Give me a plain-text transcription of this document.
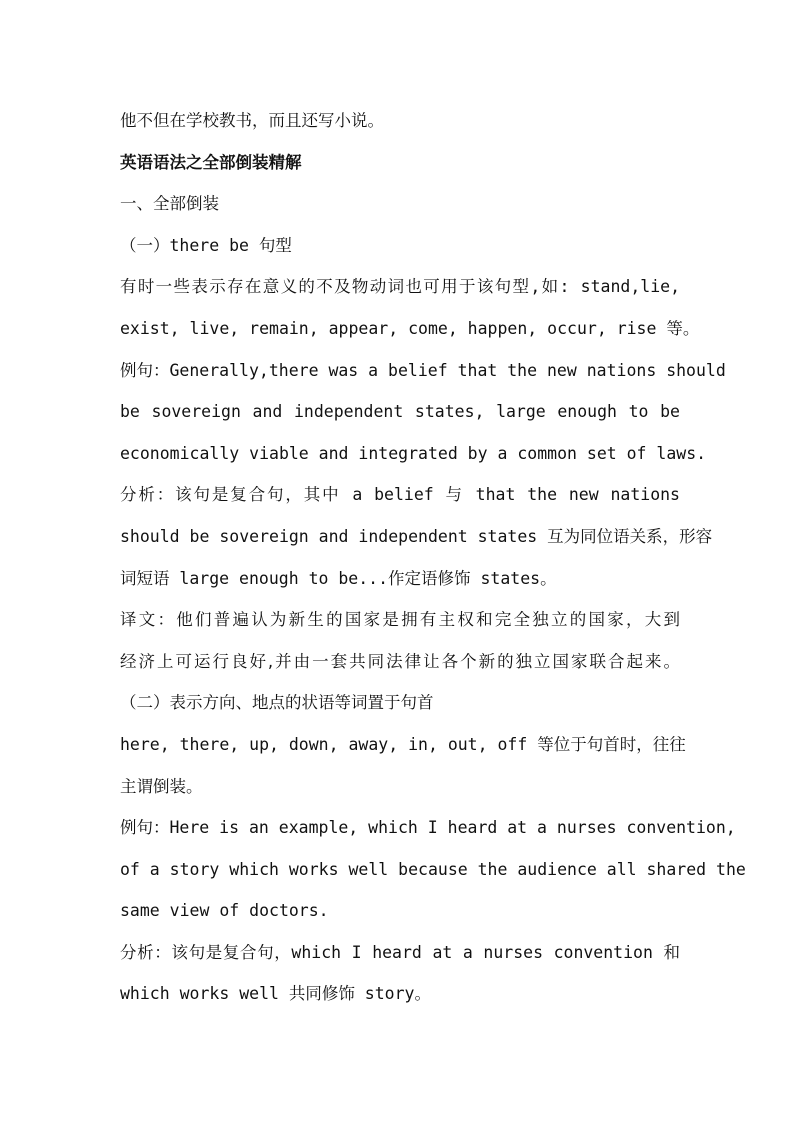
他不但在学校教书，而且还写小说。
英语语法之全部倒装精解
一、全部倒装
（一）there be 句型
有时一些表示存在意义的不及物动词也可用于该句型,如: stand,lie,
exist, live, remain, appear, come, happen, occur, rise 等。
例句：Generally,there was a belief that the new nations should
be sovereign and independent states, large enough to be
economically viable and integrated by a common set of laws.
分析：该句是复合句，其中 a belief 与 that the new nations
should be sovereign and independent states 互为同位语关系，形容
词短语 large enough to be...作定语修饰 states。
译文：他们普遍认为新生的国家是拥有主权和完全独立的国家，大到
经济上可运行良好,并由一套共同法律让各个新的独立国家联合起来。
（二）表示方向、地点的状语等词置于句首
here, there, up, down, away, in, out, off 等位于句首时，往往
主谓倒装。
例句：Here is an example, which I heard at a nurses convention,
of a story which works well because the audience all shared the
same view of doctors.
分析：该句是复合句，which I heard at a nurses convention 和
which works well 共同修饰 story。
